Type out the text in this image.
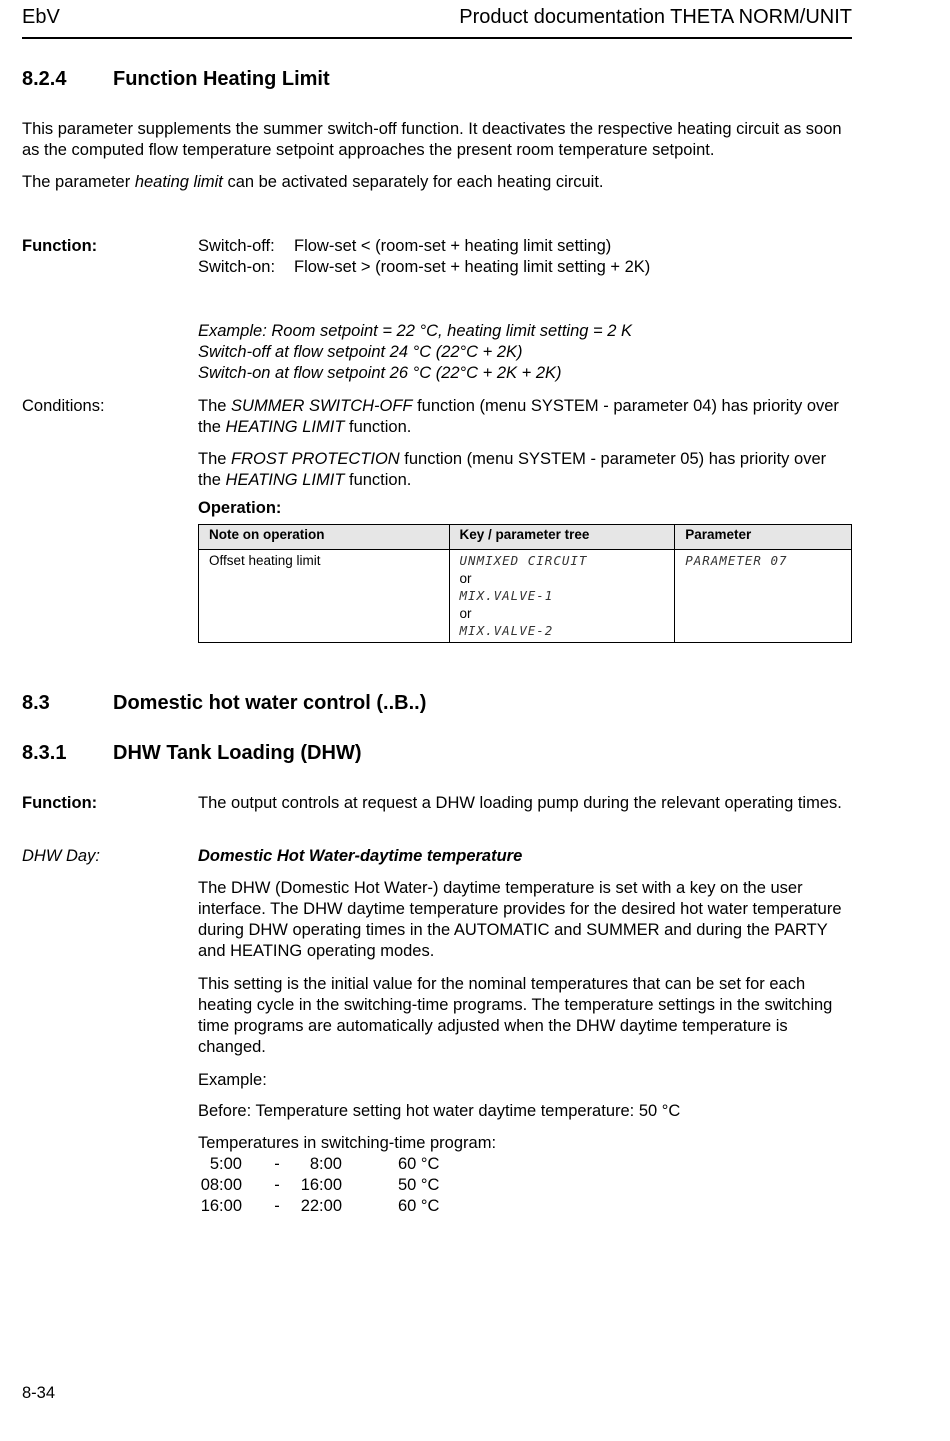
EbV	Product documentation THETA NORM/UNIT
8.2.4 Function Heating Limit
This parameter supplements the summer switch-off function. It deactivates the respective heating circuit as soon as the computed flow temperature setpoint approaches the present room temperature setpoint.
The parameter heating limit can be activated separately for each heating circuit.
Function:	Switch-off:	Flow-set < (room-set + heating limit setting)
Switch-on:	Flow-set > (room-set + heating limit setting + 2K)
Example: Room setpoint = 22 °C, heating limit setting = 2 K
Switch-off at flow setpoint 24 °C (22°C + 2K)
Switch-on at flow setpoint 26 °C (22°C + 2K + 2K)
Conditions:	The SUMMER SWITCH-OFF function (menu SYSTEM - parameter 04) has priority over the HEATING LIMIT function.
The FROST PROTECTION function (menu SYSTEM - parameter 05) has priority over the HEATING LIMIT function.
Operation:
Note on operation	Key / parameter tree	Parameter
Offset heating limit	UNMIXED CIRCUIT
or
MIX.VALVE-1
or
MIX.VALVE-2	PARAMETER 07
8.3	Domestic hot water control (..B..)
8.3.1 DHW Tank Loading (DHW)
Function:	The output controls at request a DHW loading pump during the relevant operating times.
DHW Day:	Domestic Hot Water-daytime temperature
The DHW (Domestic Hot Water-) daytime temperature is set with a key on the user interface. The DHW daytime temperature provides for the desired hot water temperature during DHW operating times in the AUTOMATIC and SUMMER and during the PARTY and HEATING operating modes.
This setting is the initial value for the nominal temperatures that can be set for each heating cycle in the switching-time programs. The temperature settings in the switching time programs are automatically adjusted when the DHW daytime temperature is changed.
Example:
Before: Temperature setting hot water daytime temperature: 50 °C
Temperatures in switching-time program:
5:00 - 8:00	60 °C
08:00 - 16:00	50 °C
16:00 - 22:00	60 °C
8-34
